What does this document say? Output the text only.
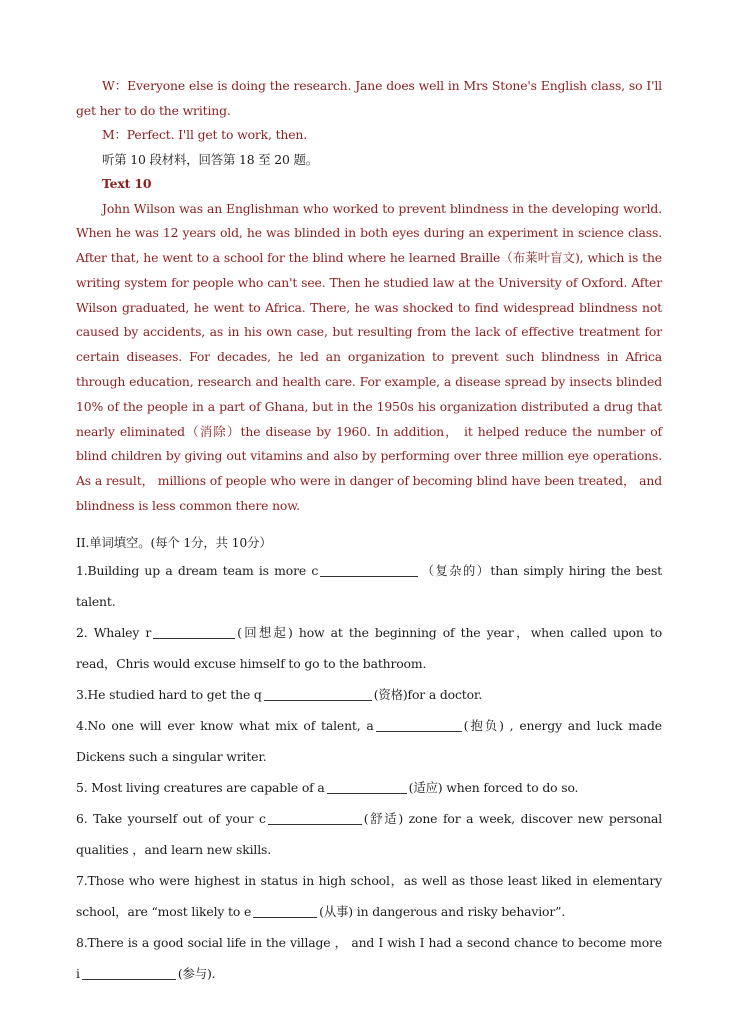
W：Everyone else is doing the research. Jane does well in Mrs Stone's English class, so I'll get her to do the writing.

M：Perfect. I'll get to work, then.

听第 10 段材料，回答第 18 至 20 题。

Text 10

John Wilson was an Englishman who worked to prevent blindness in the developing world. When he was 12 years old, he was blinded in both eyes during an experiment in science class. After that, he went to a school for the blind where he learned Braille（布莱叶盲文), which is the writing system for people who can't see. Then he studied law at the University of Oxford. After Wilson graduated, he went to Africa. There, he was shocked to find widespread blindness not caused by accidents, as in his own case, but resulting from the lack of effective treatment for certain diseases. For decades, he led an organization to prevent such blindness in Africa through education, research and health care. For example, a disease spread by insects blinded 10% of the people in a part of Ghana, but in the 1950s his organization distributed a drug that nearly eliminated（消除）the disease by 1960. In addition， it helped reduce the number of blind children by giving out vitamins and also by performing over three million eye operations. As a result， millions of people who were in danger of becoming blind have been treated， and blindness is less common there now.

II.单词填空。(每个 1分，共 10分）

1.Building up a dream team is more c	（复杂的）than simply hiring the best talent.

2. Whaley r	(回想起) how at the beginning of the year，when called upon to read，Chris would excuse himself to go to the bathroom.

3.He studied hard to get the q	(资格)for a doctor.

4.No one will ever know what mix of talent, a	(抱负) , energy and luck made Dickens such a singular writer.

5. Most living creatures are capable of a	(适应) when forced to do so.

6. Take yourself out of your c	(舒适) zone for a week, discover new personal qualities ，and learn new skills.

7.Those who were highest in status in high school，as well as those least liked in elementary school，are “most likely to e	(从事) in dangerous and risky behavior”.

8.There is a good social life in the village ， and I wish I had a second chance to become more i	(参与).
